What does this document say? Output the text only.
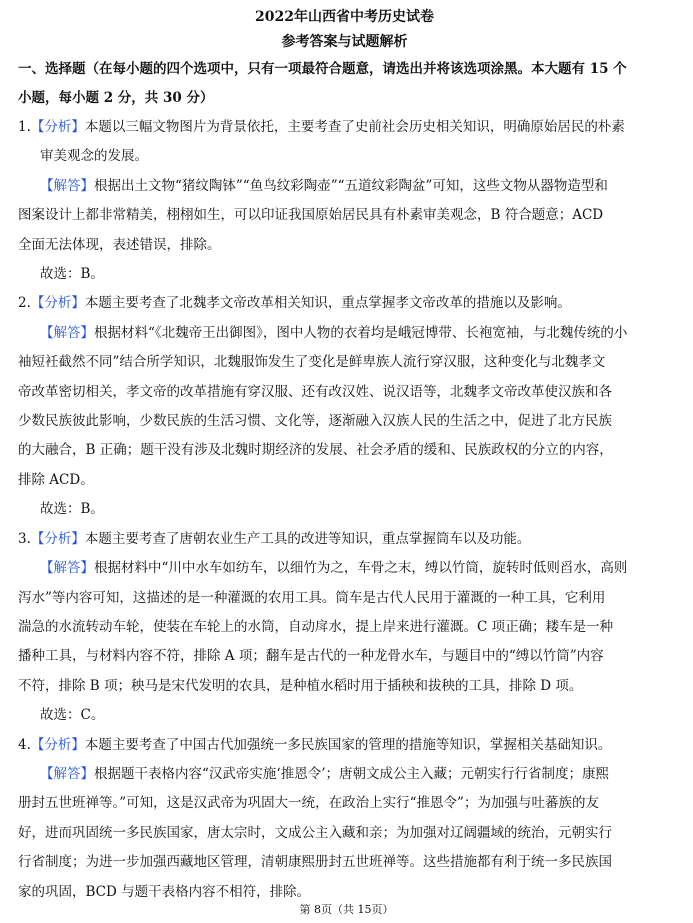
2022年山西省中考历史试卷

参考答案与试题解析

一、选择题（在每小题的四个选项中，只有一项最符合题意，请选出并将该选项涂黑。本大题有 15 个

小题，每小题 2 分，共 30 分）

1.【分析】本题以三幅文物图片为背景依托，主要考查了史前社会历史相关知识，明确原始居民的朴素

审美观念的发展。

【解答】根据出土文物“猪纹陶钵”“鱼鸟纹彩陶壶”“五道纹彩陶盆”可知，这些文物从器物造型和

图案设计上都非常精美，栩栩如生，可以印证我国原始居民具有朴素审美观念，B 符合题意；ACD

全面无法体现，表述错误，排除。

故选：B。

2.【分析】本题主要考查了北魏孝文帝改革相关知识，重点掌握孝文帝改革的措施以及影响。

【解答】根据材料“《北魏帝王出御图》，图中人物的衣着均是峨冠博带、长袍宽袖，与北魏传统的小

袖短衽截然不同”结合所学知识，北魏服饰发生了变化是鲜卑族人流行穿汉服，这种变化与北魏孝文

帝改革密切相关，孝文帝的改革措施有穿汉服、还有改汉姓、说汉语等，北魏孝文帝改革使汉族和各

少数民族彼此影响，少数民族的生活习惯、文化等，逐渐融入汉族人民的生活之中，促进了北方民族

的大融合，B 正确；题干没有涉及北魏时期经济的发展、社会矛盾的缓和、民族政权的分立的内容，

排除 ACD。

故选：B。

3.【分析】本题主要考查了唐朝农业生产工具的改进等知识，重点掌握筒车以及功能。

【解答】根据材料中“川中水车如纺车，以细竹为之，车骨之末，缚以竹筒，旋转时低则舀水，高则

泻水”等内容可知，这描述的是一种灌溉的农用工具。筒车是古代人民用于灌溉的一种工具，它利用

湍急的水流转动车轮，使装在车轮上的水筒，自动戽水，提上岸来进行灌溉。C 项正确；耧车是一种

播种工具，与材料内容不符，排除 A 项；翻车是古代的一种龙骨水车，与题目中的“缚以竹筒”内容

不符，排除 B 项；秧马是宋代发明的农具，是种植水稻时用于插秧和拔秧的工具，排除 D 项。

故选：C。

4.【分析】本题主要考查了中国古代加强统一多民族国家的管理的措施等知识，掌握相关基础知识。

【解答】根据题干表格内容“汉武帝实施‘推恩令’；唐朝文成公主入藏；元朝实行行省制度；康熙

册封五世班禅等。”可知，这是汉武帝为巩固大一统，在政治上实行“推恩令”；为加强与吐蕃族的友

好，进而巩固统一多民族国家，唐太宗时，文成公主入藏和亲；为加强对辽阔疆域的统治，元朝实行

行省制度；为进一步加强西藏地区管理，清朝康熙册封五世班禅等。这些措施都有利于统一多民族国

家的巩固，BCD 与题干表格内容不相符，排除。

第 8页（共 15页）
